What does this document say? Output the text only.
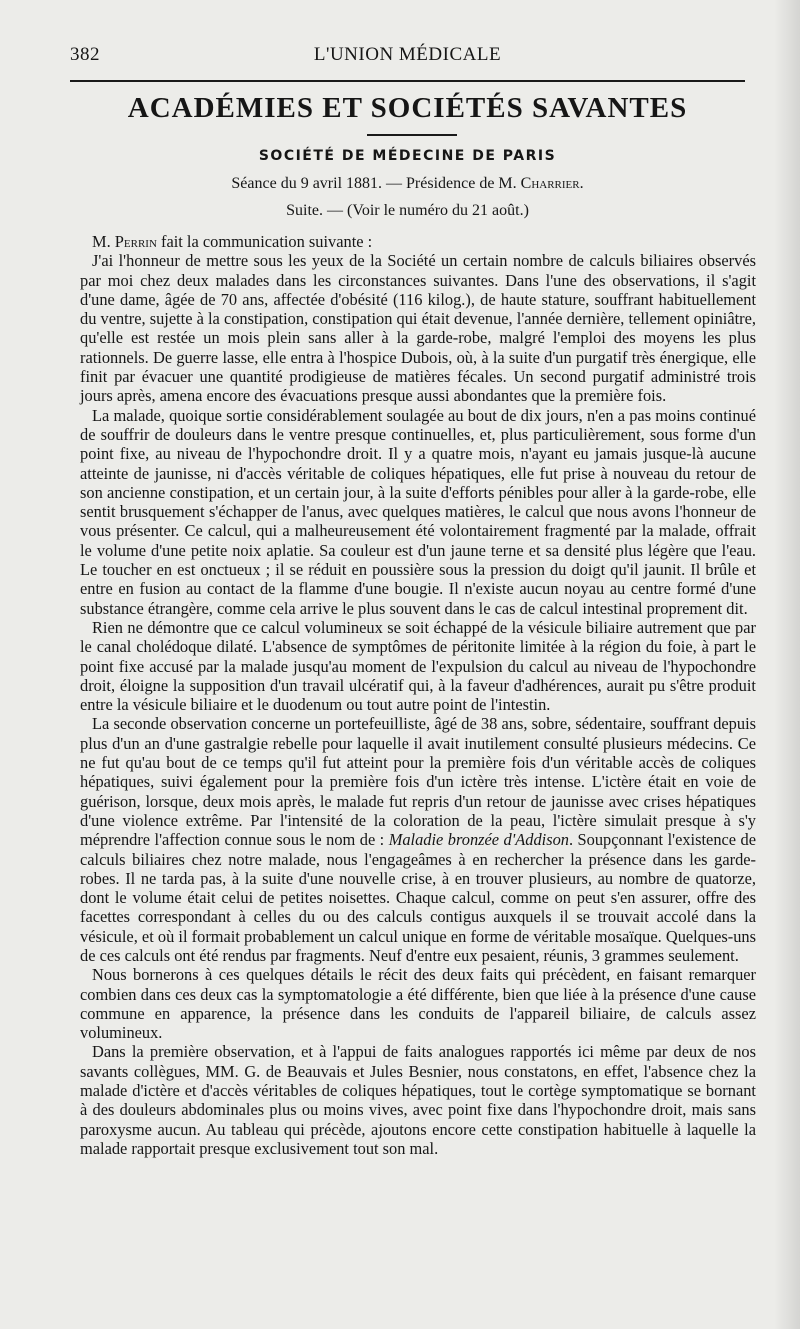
382	L'UNION MÉDICALE
ACADÉMIES ET SOCIÉTÉS SAVANTES
SOCIÉTÉ DE MÉDECINE DE PARIS
Séance du 9 avril 1881. — Présidence de M. Charrier.
Suite. — (Voir le numéro du 21 août.)

M. Perrin fait la communication suivante :

J'ai l'honneur de mettre sous les yeux de la Société un certain nombre de calculs biliaires observés par moi chez deux malades dans les circonstances suivantes. Dans l'une des observations, il s'agit d'une dame, âgée de 70 ans, affectée d'obésité (116 kilog.), de haute stature, souffrant habituellement du ventre, sujette à la constipation, constipation qui était devenue, l'année dernière, tellement opiniâtre, qu'elle est restée un mois plein sans aller à la garde-robe, malgré l'emploi des moyens les plus rationnels. De guerre lasse, elle entra à l'hospice Dubois, où, à la suite d'un purgatif très énergique, elle finit par évacuer une quantité prodigieuse de matières fécales. Un second purgatif administré trois jours après, amena encore des évacuations presque aussi abondantes que la première fois.

La malade, quoique sortie considérablement soulagée au bout de dix jours, n'en a pas moins continué de souffrir de douleurs dans le ventre presque continuelles, et, plus particulièrement, sous forme d'un point fixe, au niveau de l'hypochondre droit. Il y a quatre mois, n'ayant eu jamais jusque-là aucune atteinte de jaunisse, ni d'accès véritable de coliques hépatiques, elle fut prise à nouveau du retour de son ancienne constipation, et un certain jour, à la suite d'efforts pénibles pour aller à la garde-robe, elle sentit brusquement s'échapper de l'anus, avec quelques matières, le calcul que nous avons l'honneur de vous présenter. Ce calcul, qui a malheureusement été volontairement fragmenté par la malade, offrait le volume d'une petite noix aplatie. Sa couleur est d'un jaune terne et sa densité plus légère que l'eau. Le toucher en est onctueux ; il se réduit en poussière sous la pression du doigt qu'il jaunit. Il brûle et entre en fusion au contact de la flamme d'une bougie. Il n'existe aucun noyau au centre formé d'une substance étrangère, comme cela arrive le plus souvent dans le cas de calcul intestinal proprement dit.

Rien ne démontre que ce calcul volumineux se soit échappé de la vésicule biliaire autrement que par le canal cholédoque dilaté. L'absence de symptômes de péritonite limitée à la région du foie, à part le point fixe accusé par la malade jusqu'au moment de l'expulsion du calcul au niveau de l'hypochondre droit, éloigne la supposition d'un travail ulcératif qui, à la faveur d'adhérences, aurait pu s'être produit entre la vésicule biliaire et le duodenum ou tout autre point de l'intestin.

La seconde observation concerne un portefeuilliste, âgé de 38 ans, sobre, sédentaire, souffrant depuis plus d'un an d'une gastralgie rebelle pour laquelle il avait inutilement consulté plusieurs médecins. Ce ne fut qu'au bout de ce temps qu'il fut atteint pour la première fois d'un véritable accès de coliques hépatiques, suivi également pour la première fois d'un ictère très intense. L'ictère était en voie de guérison, lorsque, deux mois après, le malade fut repris d'un retour de jaunisse avec crises hépatiques d'une violence extrême. Par l'intensité de la coloration de la peau, l'ictère simulait presque à s'y méprendre l'affection connue sous le nom de : Maladie bronzée d'Addison. Soupçonnant l'existence de calculs biliaires chez notre malade, nous l'engageâmes à en rechercher la présence dans les garde-robes. Il ne tarda pas, à la suite d'une nouvelle crise, à en trouver plusieurs, au nombre de quatorze, dont le volume était celui de petites noisettes. Chaque calcul, comme on peut s'en assurer, offre des facettes correspondant à celles du ou des calculs contigus auxquels il se trouvait accolé dans la vésicule, et où il formait probablement un calcul unique en forme de véritable mosaïque. Quelques-uns de ces calculs ont été rendus par fragments. Neuf d'entre eux pesaient, réunis, 3 grammes seulement.

Nous bornerons à ces quelques détails le récit des deux faits qui précèdent, en faisant remarquer combien dans ces deux cas la symptomatologie a été différente, bien que liée à la présence d'une cause commune en apparence, la présence dans les conduits de l'appareil biliaire, de calculs assez volumineux.

Dans la première observation, et à l'appui de faits analogues rapportés ici même par deux de nos savants collègues, MM. G. de Beauvais et Jules Besnier, nous constatons, en effet, l'absence chez la malade d'ictère et d'accès véritables de coliques hépatiques, tout le cortège symptomatique se bornant à des douleurs abdominales plus ou moins vives, avec point fixe dans l'hypochondre droit, mais sans paroxysme aucun. Au tableau qui précède, ajoutons encore cette constipation habituelle à laquelle la malade rapportait presque exclusivement tout son mal.
